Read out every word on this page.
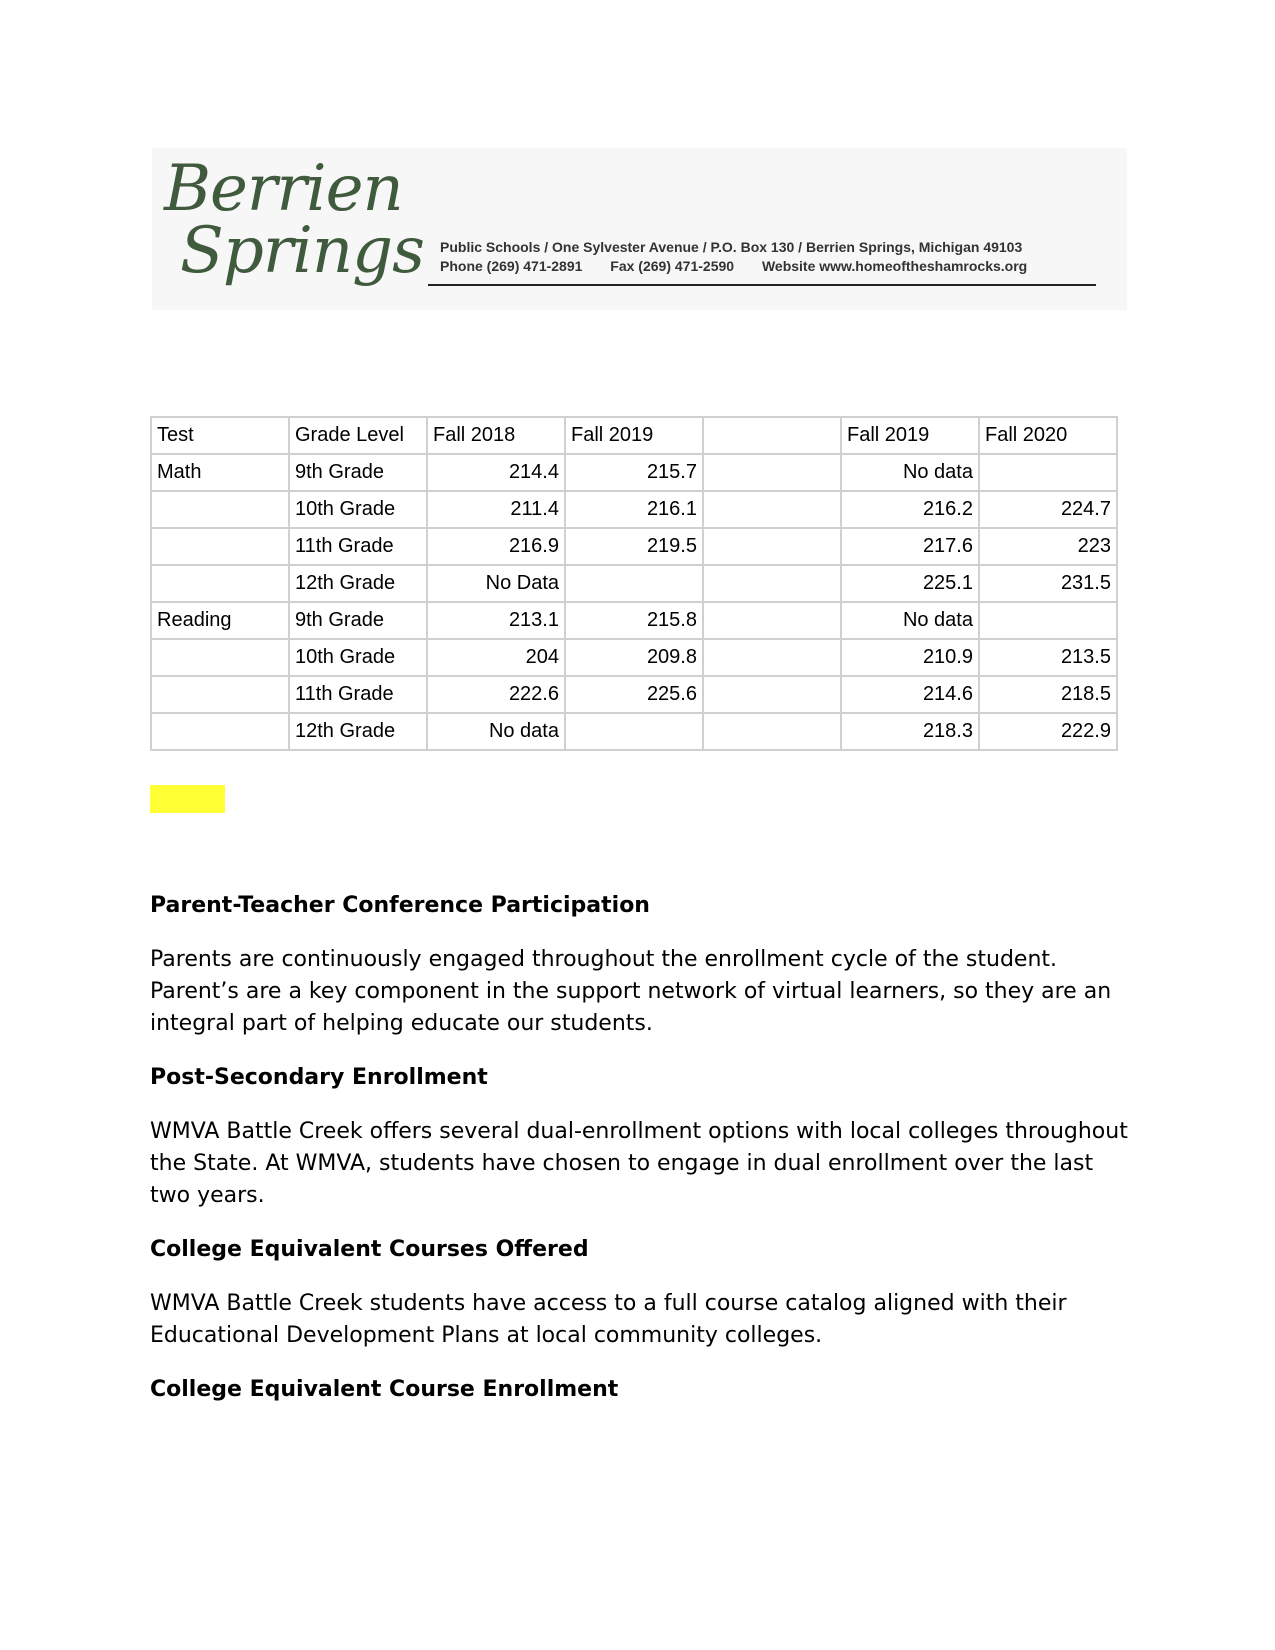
Berrien
Springs Public Schools / One Sylvester Avenue / P.O. Box 130 / Berrien Springs, Michigan 49103
Phone (269) 471-2891 Fax (269) 471-2590 Website www.homeoftheshamrocks.org
Test	Grade Level	Fall 2018	Fall 2019		Fall 2019	Fall 2020
Math	9th Grade	214.4	215.7		No data	
	10th Grade	211.4	216.1		216.2	224.7
	11th Grade	216.9	219.5		217.6	223
	12th Grade	No Data			225.1	231.5
Reading	9th Grade	213.1	215.8		No data	
	10th Grade	204	209.8		210.9	213.5
	11th Grade	222.6	225.6		214.6	218.5
	12th Grade	No data			218.3	222.9
Parent-Teacher Conference Participation

Parents are continuously engaged throughout the enrollment cycle of the student. Parent’s are a key component in the support network of virtual learners, so they are an integral part of helping educate our students.

Post-Secondary Enrollment

WMVA Battle Creek offers several dual-enrollment options with local colleges throughout the State. At WMVA, students have chosen to engage in dual enrollment over the last two years.

College Equivalent Courses Offered

WMVA Battle Creek students have access to a full course catalog aligned with their Educational Development Plans at local community colleges.

College Equivalent Course Enrollment
